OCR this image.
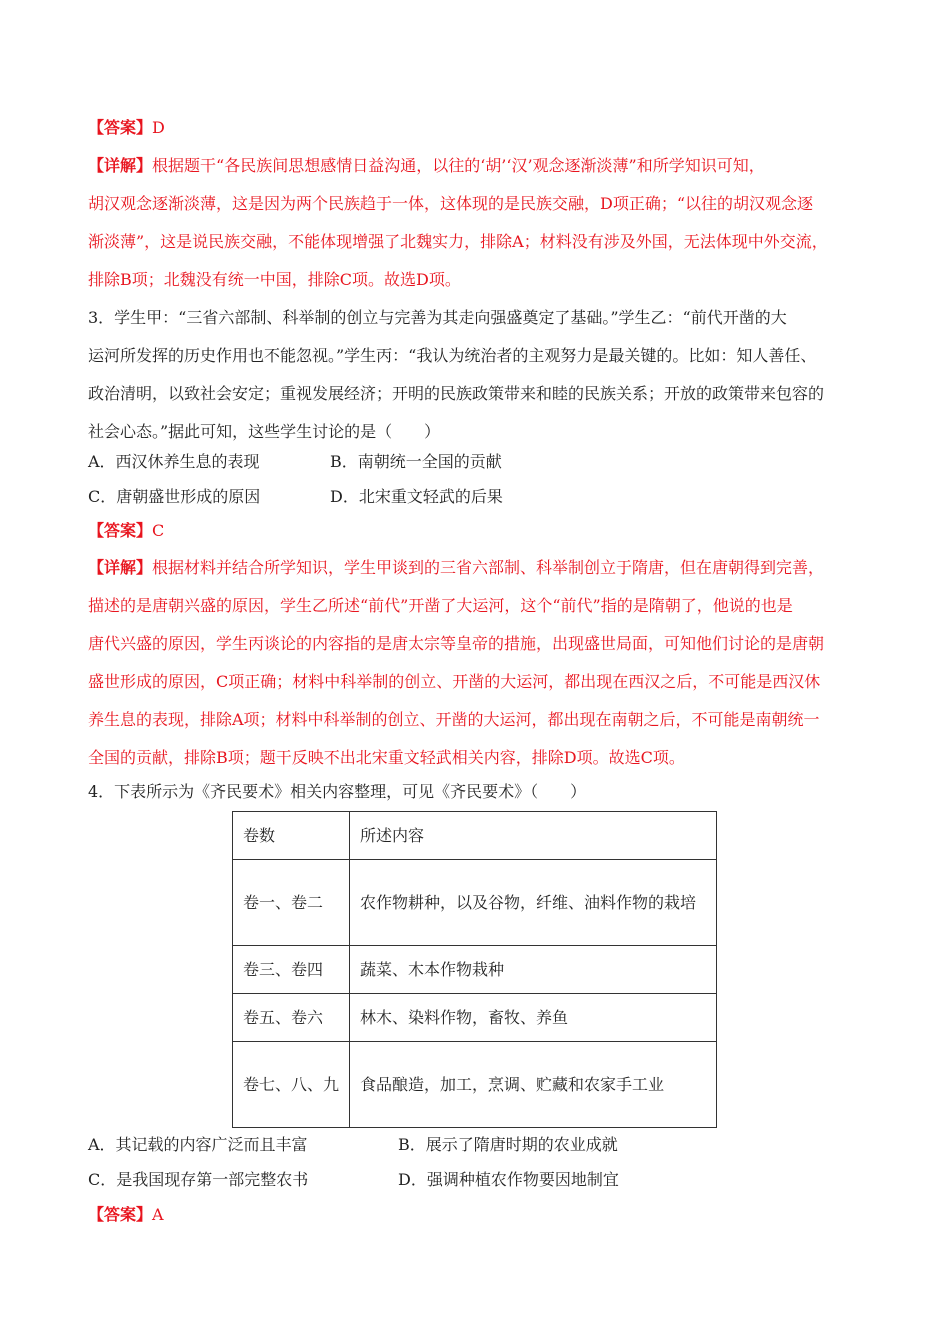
【答案】D
【详解】根据题干“各民族间思想感情日益沟通，以往的‘胡’‘汉’观念逐渐淡薄”和所学知识可知，
胡汉观念逐渐淡薄，这是因为两个民族趋于一体，这体现的是民族交融，D项正确；“以往的胡汉观念逐
渐淡薄”，这是说民族交融，不能体现增强了北魏实力，排除A；材料没有涉及外国，无法体现中外交流，
排除B项；北魏没有统一中国，排除C项。故选D项。
3．学生甲：“三省六部制、科举制的创立与完善为其走向强盛奠定了基础。”学生乙：“前代开凿的大
运河所发挥的历史作用也不能忽视。”学生丙：“我认为统治者的主观努力是最关键的。比如：知人善任、
政治清明，以致社会安定；重视发展经济；开明的民族政策带来和睦的民族关系；开放的政策带来包容的
社会心态。”据此可知，这些学生讨论的是（　　）
A．西汉休养生息的表现	B．南朝统一全国的贡献
C．唐朝盛世形成的原因	D．北宋重文轻武的后果
【答案】C
【详解】根据材料并结合所学知识，学生甲谈到的三省六部制、科举制创立于隋唐，但在唐朝得到完善，
描述的是唐朝兴盛的原因，学生乙所述“前代”开凿了大运河，这个“前代”指的是隋朝了，他说的也是
唐代兴盛的原因，学生丙谈论的内容指的是唐太宗等皇帝的措施，出现盛世局面，可知他们讨论的是唐朝
盛世形成的原因，C项正确；材料中科举制的创立、开凿的大运河，都出现在西汉之后，不可能是西汉休
养生息的表现，排除A项；材料中科举制的创立、开凿的大运河，都出现在南朝之后，不可能是南朝统一
全国的贡献，排除B项；题干反映不出北宋重文轻武相关内容，排除D项。故选C项。
4．下表所示为《齐民要术》相关内容整理，可见《齐民要术》（　　）
卷数	所述内容
卷一、卷二	农作物耕种，以及谷物，纤维、油料作物的栽培
卷三、卷四	蔬菜、木本作物栽种
卷五、卷六	林木、染料作物，畜牧、养鱼
卷七、八、九	食品酿造，加工，烹调、贮藏和农家手工业
A．其记载的内容广泛而且丰富	B．展示了隋唐时期的农业成就
C．是我国现存第一部完整农书	D．强调种植农作物要因地制宜
【答案】A
